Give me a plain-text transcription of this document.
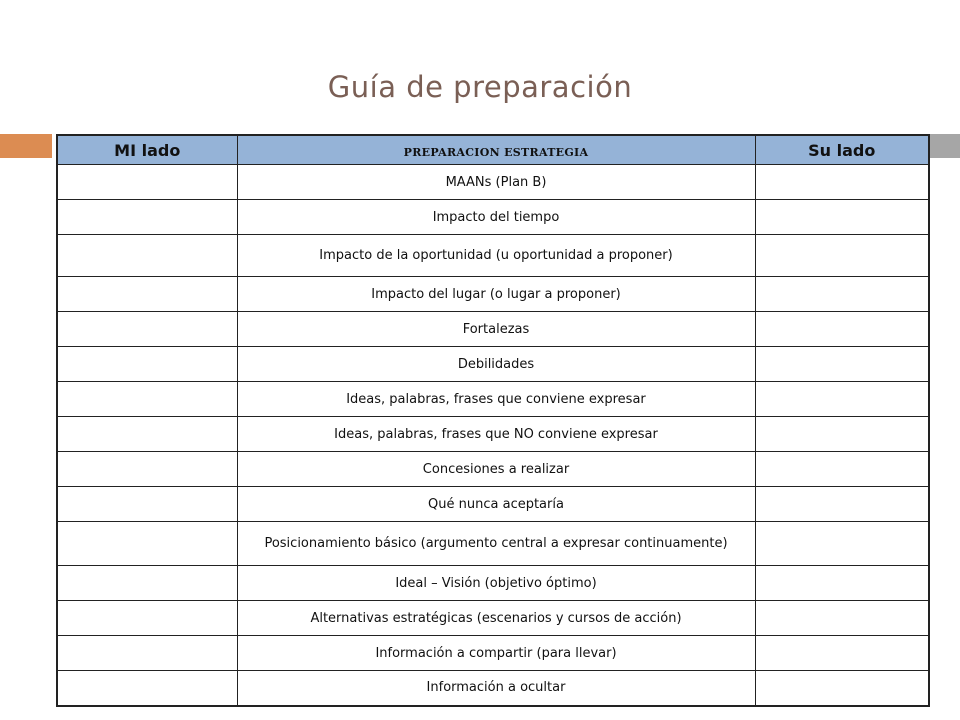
Guía de preparación
MI lado	PREPARACION ESTRATEGIA	Su lado
	MAANs (Plan B)	
	Impacto del tiempo	
	Impacto de la oportunidad (u oportunidad a proponer)	
	Impacto del lugar (o lugar a proponer)	
	Fortalezas	
	Debilidades	
	Ideas, palabras, frases que conviene expresar	
	Ideas, palabras, frases que NO conviene expresar	
	Concesiones a realizar	
	Qué nunca aceptaría	
	Posicionamiento básico (argumento central a expresar continuamente)	
	Ideal – Visión (objetivo óptimo)	
	Alternativas estratégicas (escenarios y cursos de acción)	
	Información a compartir (para llevar)	
	Información a ocultar	
